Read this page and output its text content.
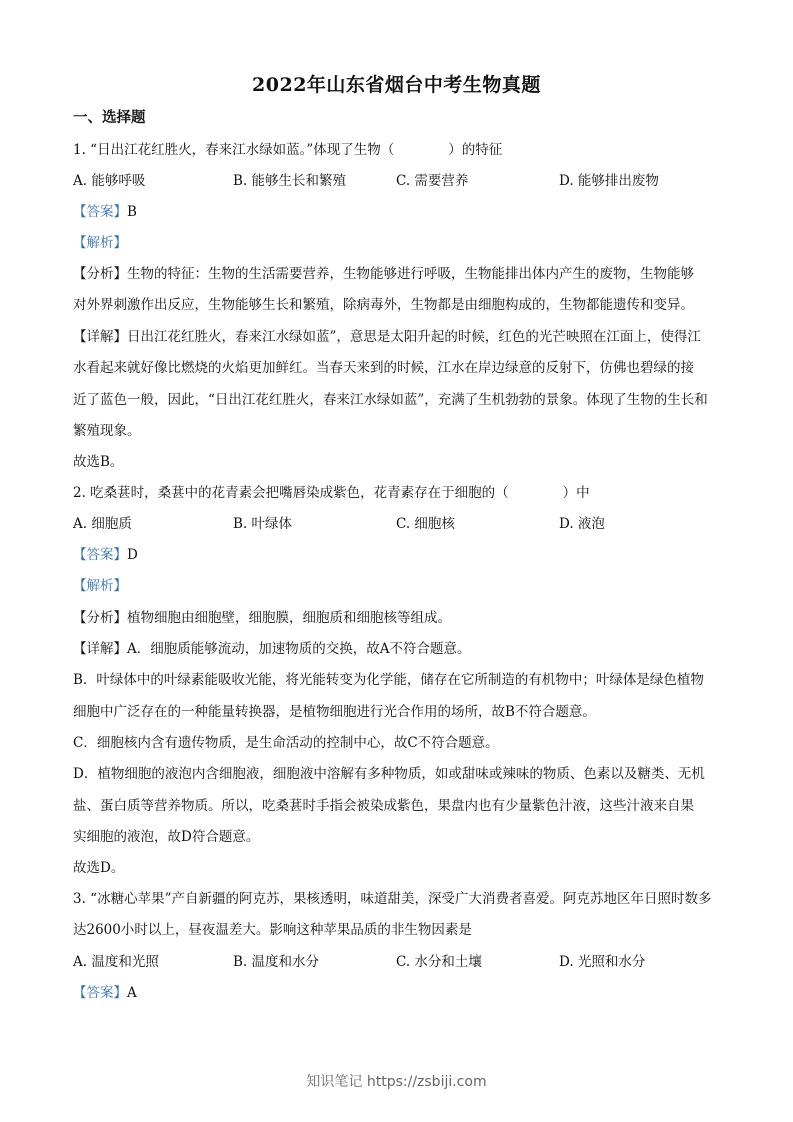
2022年山东省烟台中考生物真题
一、选择题
1. “日出江花红胜火，春来江水绿如蓝。”体现了生物（　　　　）的特征
A. 能够呼吸	B. 能够生长和繁殖	C. 需要营养	D. 能够排出废物
【答案】B
【解析】
【分析】生物的特征：生物的生活需要营养，生物能够进行呼吸，生物能排出体内产生的废物，生物能够
对外界刺激作出反应，生物能够生长和繁殖，除病毒外，生物都是由细胞构成的，生物都能遗传和变异。
【详解】日出江花红胜火，春来江水绿如蓝”，意思是太阳升起的时候，红色的光芒映照在江面上，使得江
水看起来就好像比燃烧的火焰更加鲜红。当春天来到的时候，江水在岸边绿意的反射下，仿佛也碧绿的接
近了蓝色一般，因此，“日出江花红胜火，春来江水绿如蓝”，充满了生机勃勃的景象。体现了生物的生长和
繁殖现象。
故选B。
2. 吃桑葚时，桑葚中的花青素会把嘴唇染成紫色，花青素存在于细胞的（　　　　）中
A. 细胞质	B. 叶绿体	C. 细胞核	D. 液泡
【答案】D
【解析】
【分析】植物细胞由细胞壁，细胞膜，细胞质和细胞核等组成。
【详解】A．细胞质能够流动，加速物质的交换，故A不符合题意。
B．叶绿体中的叶绿素能吸收光能，将光能转变为化学能，储存在它所制造的有机物中；叶绿体是绿色植物
细胞中广泛存在的一种能量转换器，是植物细胞进行光合作用的场所，故B不符合题意。
C．细胞核内含有遗传物质，是生命活动的控制中心，故C不符合题意。
D．植物细胞的液泡内含细胞液，细胞液中溶解有多种物质，如或甜味或辣味的物质、色素以及糖类、无机
盐、蛋白质等营养物质。所以，吃桑葚时手指会被染成紫色，果盘内也有少量紫色汁液，这些汁液来自果
实细胞的液泡，故D符合题意。
故选D。
3. “冰糖心苹果”产自新疆的阿克苏，果核透明，味道甜美，深受广大消费者喜爱。阿克苏地区年日照时数多
达2600小时以上，昼夜温差大。影响这种苹果品质的非生物因素是
A. 温度和光照	B. 温度和水分	C. 水分和土壤	D. 光照和水分
【答案】A
知识笔记 https://zsbiji.com
